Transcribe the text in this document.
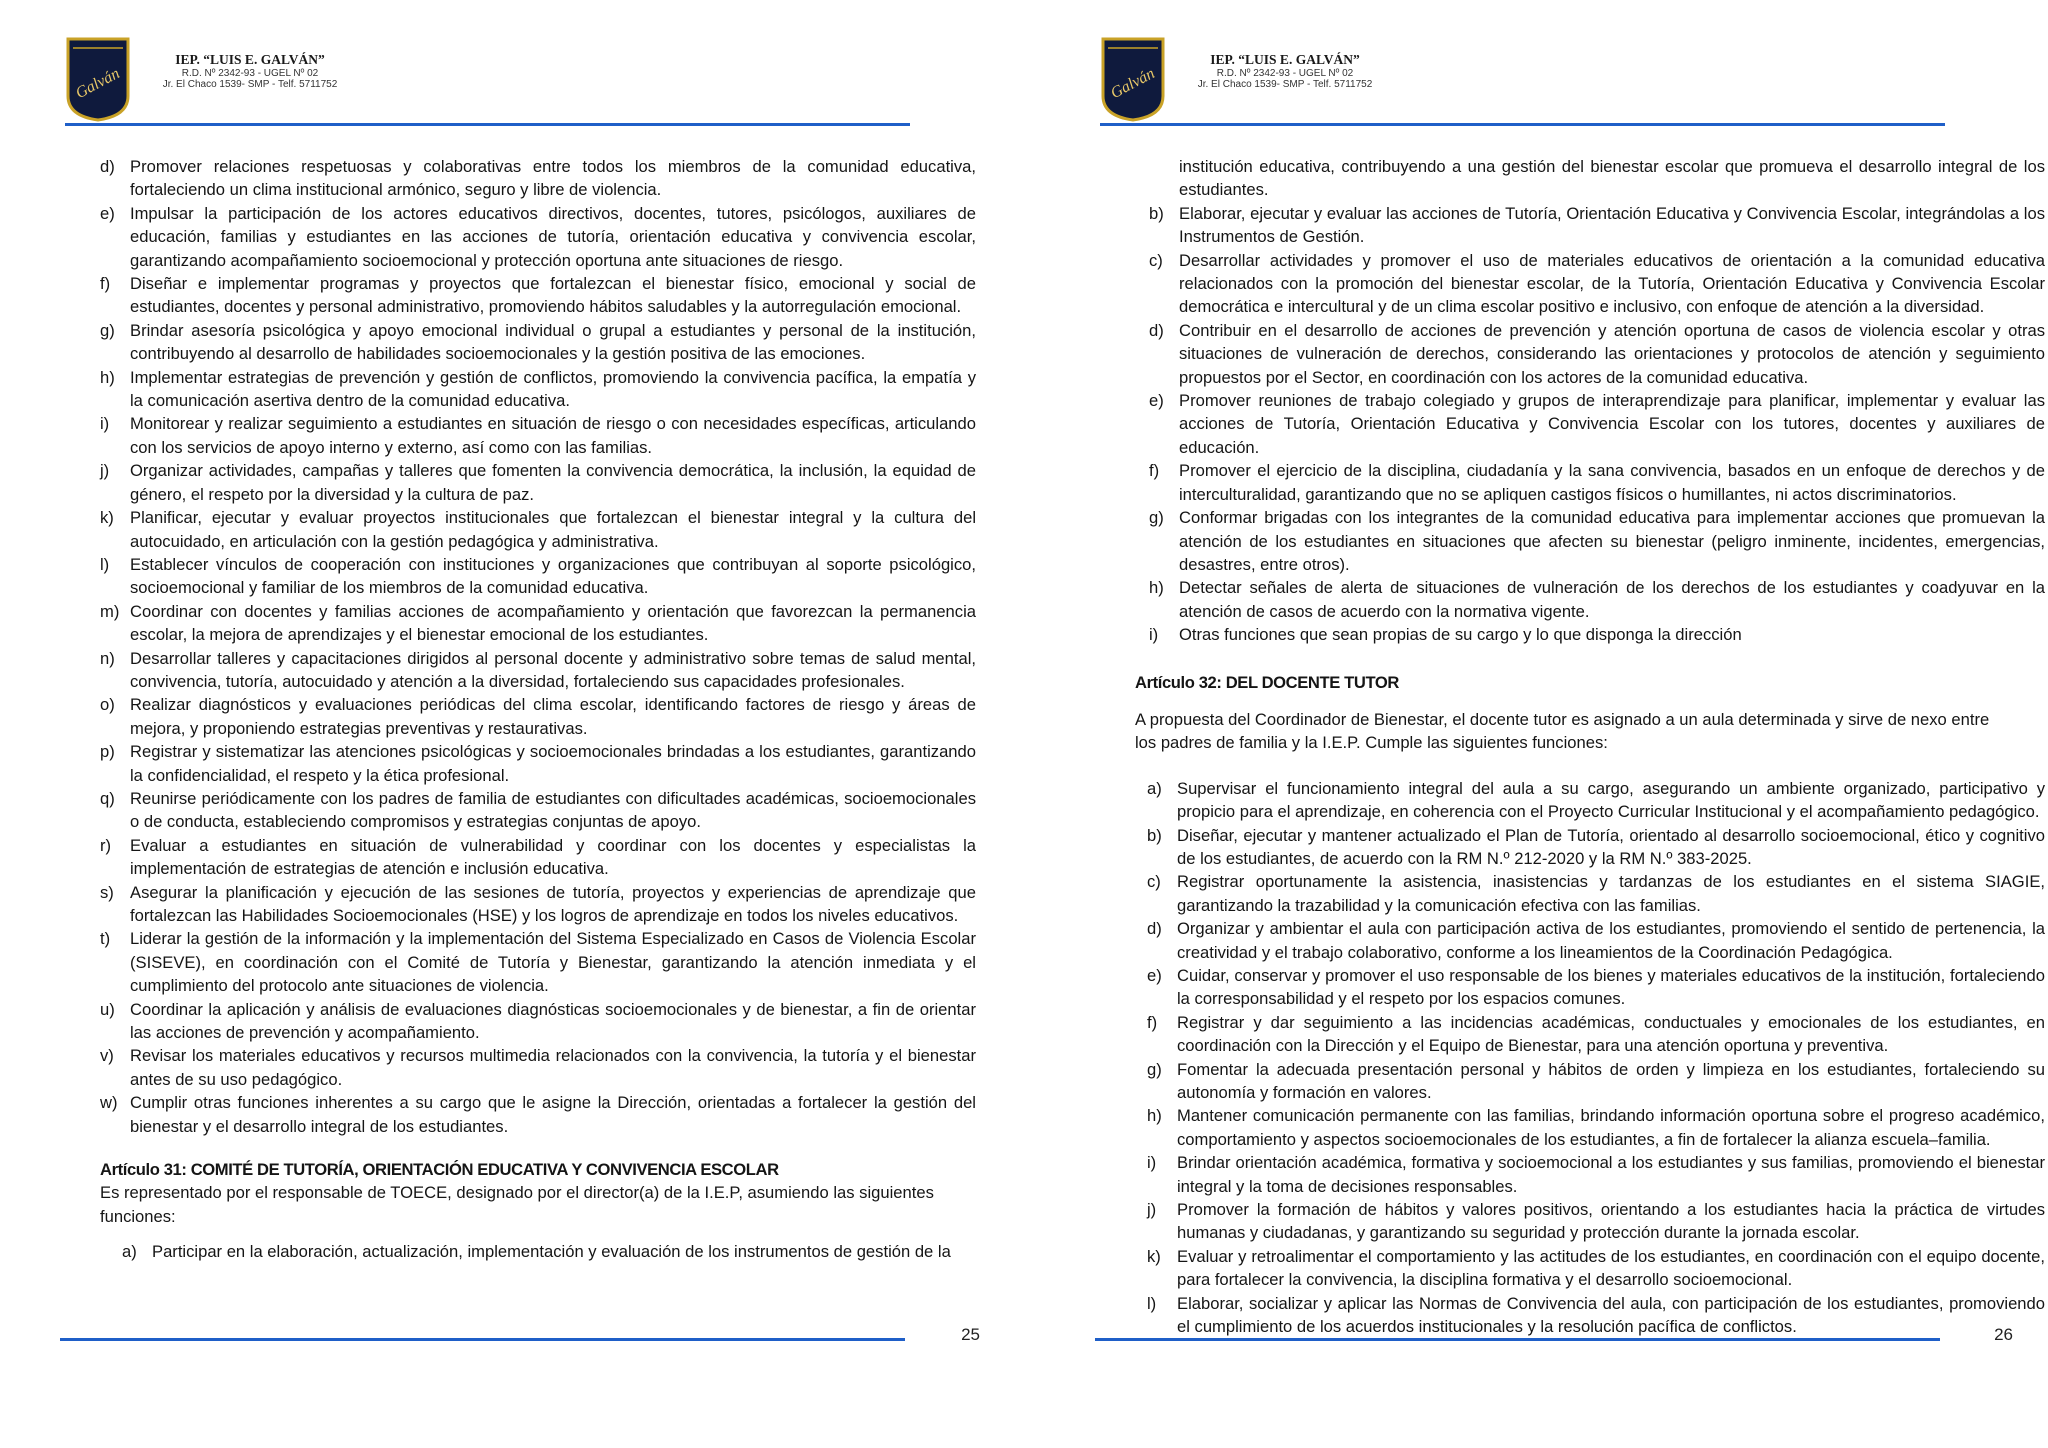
Galván
IEP. “LUIS E. GALVÁN”
R.D. Nº 2342-93 - UGEL Nº 02
Jr. El Chaco 1539- SMP - Telf. 5711752
d) Promover relaciones respetuosas y colaborativas entre todos los miembros de la comunidad educativa, fortaleciendo un clima institucional armónico, seguro y libre de violencia.
e) Impulsar la participación de los actores educativos directivos, docentes, tutores, psicólogos, auxiliares de educación, familias y estudiantes en las acciones de tutoría, orientación educativa y convivencia escolar, garantizando acompañamiento socioemocional y protección oportuna ante situaciones de riesgo.
f)	Diseñar e implementar programas y proyectos que fortalezcan el bienestar físico, emocional y social de estudiantes, docentes y personal administrativo, promoviendo hábitos saludables y la autorregulación emocional.
g) Brindar asesoría psicológica y apoyo emocional individual o grupal a estudiantes y personal de la institución, contribuyendo al desarrollo de habilidades socioemocionales y la gestión positiva de las emociones.
h) Implementar estrategias de prevención y gestión de conflictos, promoviendo la convivencia pacífica, la empatía y la comunicación asertiva dentro de la comunidad educativa.
i)	Monitorear y realizar seguimiento a estudiantes en situación de riesgo o con necesidades específicas, articulando con los servicios de apoyo interno y externo, así como con las familias.
j)	Organizar actividades, campañas y talleres que fomenten la convivencia democrática, la inclusión, la equidad de género, el respeto por la diversidad y la cultura de paz.
k) Planificar, ejecutar y evaluar proyectos institucionales que fortalezcan el bienestar integral y la cultura del autocuidado, en articulación con la gestión pedagógica y administrativa.
l)	Establecer vínculos de cooperación con instituciones y organizaciones que contribuyan al soporte psicológico, socioemocional y familiar de los miembros de la comunidad educativa.
m) Coordinar con docentes y familias acciones de acompañamiento y orientación que favorezcan la permanencia escolar, la mejora de aprendizajes y el bienestar emocional de los estudiantes.
n) Desarrollar talleres y capacitaciones dirigidos al personal docente y administrativo sobre temas de salud mental, convivencia, tutoría, autocuidado y atención a la diversidad, fortaleciendo sus capacidades profesionales.
o) Realizar diagnósticos y evaluaciones periódicas del clima escolar, identificando factores de riesgo y áreas de mejora, y proponiendo estrategias preventivas y restaurativas.
p) Registrar y sistematizar las atenciones psicológicas y socioemocionales brindadas a los estudiantes, garantizando la confidencialidad, el respeto y la ética profesional.
q) Reunirse periódicamente con los padres de familia de estudiantes con dificultades académicas, socioemocionales o de conducta, estableciendo compromisos y estrategias conjuntas de apoyo.
r)	Evaluar a estudiantes en situación de vulnerabilidad y coordinar con los docentes y especialistas la implementación de estrategias de atención e inclusión educativa.
s) Asegurar la planificación y ejecución de las sesiones de tutoría, proyectos y experiencias de aprendizaje que fortalezcan las Habilidades Socioemocionales (HSE) y los logros de aprendizaje en todos los niveles educativos.
t)	Liderar la gestión de la información y la implementación del Sistema Especializado en Casos de Violencia Escolar (SISEVE), en coordinación con el Comité de Tutoría y Bienestar, garantizando la atención inmediata y el cumplimiento del protocolo ante situaciones de violencia.
u) Coordinar la aplicación y análisis de evaluaciones diagnósticas socioemocionales y de bienestar, a fin de orientar las acciones de prevención y acompañamiento.
v) Revisar los materiales educativos y recursos multimedia relacionados con la convivencia, la tutoría y el bienestar antes de su uso pedagógico.
w) Cumplir otras funciones inherentes a su cargo que le asigne la Dirección, orientadas a fortalecer la gestión del bienestar y el desarrollo integral de los estudiantes.
Artículo 31: COMITÉ DE TUTORÍA, ORIENTACIÓN EDUCATIVA Y CONVIVENCIA ESCOLAR
Es representado por el responsable de TOECE, designado por el director(a) de la I.E.P, asumiendo las siguientes funciones:
a) Participar en la elaboración, actualización, implementación y evaluación de los instrumentos de gestión de la
25
Galván
IEP. “LUIS E. GALVÁN”
R.D. Nº 2342-93 - UGEL Nº 02
Jr. El Chaco 1539- SMP - Telf. 5711752
institución educativa, contribuyendo a una gestión del bienestar escolar que promueva el desarrollo integral de los estudiantes.
b) Elaborar, ejecutar y evaluar las acciones de Tutoría, Orientación Educativa y Convivencia Escolar, integrándolas a los Instrumentos de Gestión.
c) Desarrollar actividades y promover el uso de materiales educativos de orientación a la comunidad educativa relacionados con la promoción del bienestar escolar, de la Tutoría, Orientación Educativa y Convivencia Escolar democrática e intercultural y de un clima escolar positivo e inclusivo, con enfoque de atención a la diversidad.
d) Contribuir en el desarrollo de acciones de prevención y atención oportuna de casos de violencia escolar y otras situaciones de vulneración de derechos, considerando las orientaciones y protocolos de atención y seguimiento propuestos por el Sector, en coordinación con los actores de la comunidad educativa.
e) Promover reuniones de trabajo colegiado y grupos de interaprendizaje para planificar, implementar y evaluar las acciones de Tutoría, Orientación Educativa y Convivencia Escolar con los tutores, docentes y auxiliares de educación.
f)	Promover el ejercicio de la disciplina, ciudadanía y la sana convivencia, basados en un enfoque de derechos y de interculturalidad, garantizando que no se apliquen castigos físicos o humillantes, ni actos discriminatorios.
g) Conformar brigadas con los integrantes de la comunidad educativa para implementar acciones que promuevan la atención de los estudiantes en situaciones que afecten su bienestar (peligro inminente, incidentes, emergencias, desastres, entre otros).
h) Detectar señales de alerta de situaciones de vulneración de los derechos de los estudiantes y coadyuvar en la atención de casos de acuerdo con la normativa vigente.
i)	Otras funciones que sean propias de su cargo y lo que disponga la dirección
Artículo 32: DEL DOCENTE TUTOR
A propuesta del Coordinador de Bienestar, el docente tutor es asignado a un aula determinada y sirve de nexo entre
los padres de familia y la I.E.P. Cumple las siguientes funciones:
a) Supervisar el funcionamiento integral del aula a su cargo, asegurando un ambiente organizado, participativo y propicio para el aprendizaje, en coherencia con el Proyecto Curricular Institucional y el acompañamiento pedagógico.
b) Diseñar, ejecutar y mantener actualizado el Plan de Tutoría, orientado al desarrollo socioemocional, ético y cognitivo de los estudiantes, de acuerdo con la RM N.º 212-2020 y la RM N.º 383-2025.
c) Registrar oportunamente la asistencia, inasistencias y tardanzas de los estudiantes en el sistema SIAGIE, garantizando la trazabilidad y la comunicación efectiva con las familias.
d) Organizar y ambientar el aula con participación activa de los estudiantes, promoviendo el sentido de pertenencia, la creatividad y el trabajo colaborativo, conforme a los lineamientos de la Coordinación Pedagógica.
e) Cuidar, conservar y promover el uso responsable de los bienes y materiales educativos de la institución, fortaleciendo la corresponsabilidad y el respeto por los espacios comunes.
f)	Registrar y dar seguimiento a las incidencias académicas, conductuales y emocionales de los estudiantes, en coordinación con la Dirección y el Equipo de Bienestar, para una atención oportuna y preventiva.
g) Fomentar la adecuada presentación personal y hábitos de orden y limpieza en los estudiantes, fortaleciendo su autonomía y formación en valores.
h) Mantener comunicación permanente con las familias, brindando información oportuna sobre el progreso académico, comportamiento y aspectos socioemocionales de los estudiantes, a fin de fortalecer la alianza escuela–familia.
i)	Brindar orientación académica, formativa y socioemocional a los estudiantes y sus familias, promoviendo el bienestar integral y la toma de decisiones responsables.
j)	Promover la formación de hábitos y valores positivos, orientando a los estudiantes hacia la práctica de virtudes humanas y ciudadanas, y garantizando su seguridad y protección durante la jornada escolar.
k) Evaluar y retroalimentar el comportamiento y las actitudes de los estudiantes, en coordinación con el equipo docente, para fortalecer la convivencia, la disciplina formativa y el desarrollo socioemocional.
l)	Elaborar, socializar y aplicar las Normas de Convivencia del aula, con participación de los estudiantes, promoviendo el cumplimiento de los acuerdos institucionales y la resolución pacífica de conflictos.	26
